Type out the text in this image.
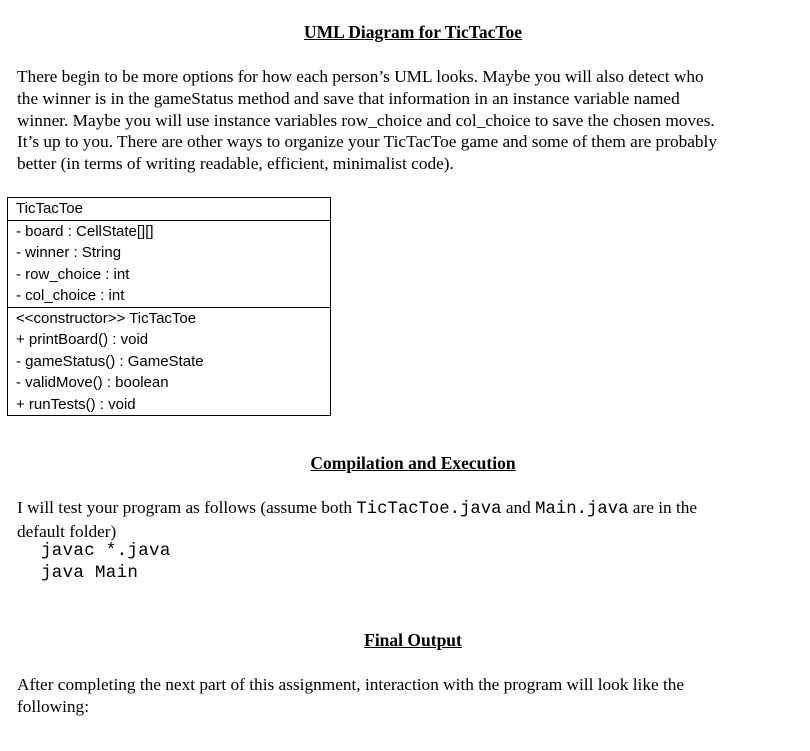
UML Diagram for TicTacToe
There begin to be more options for how each person’s UML looks. Maybe you will also detect who
the winner is in the gameStatus method and save that information in an instance variable named
winner. Maybe you will use instance variables row_choice and col_choice to save the chosen moves.
It’s up to you. There are other ways to organize your TicTacToe game and some of them are probably
better (in terms of writing readable, efficient, minimalist code).
TicTacToe
- board : CellState[][]
- winner : String
- row_choice : int
- col_choice : int
<<constructor>> TicTacToe
+ printBoard() : void
- gameStatus() : GameState
- validMove() : boolean
+ runTests() : void
Compilation and Execution
I will test your program as follows (assume both TicTacToe.java and Main.java are in the
default folder)
javac *.java
java Main
Final Output
After completing the next part of this assignment, interaction with the program will look like the
following:
